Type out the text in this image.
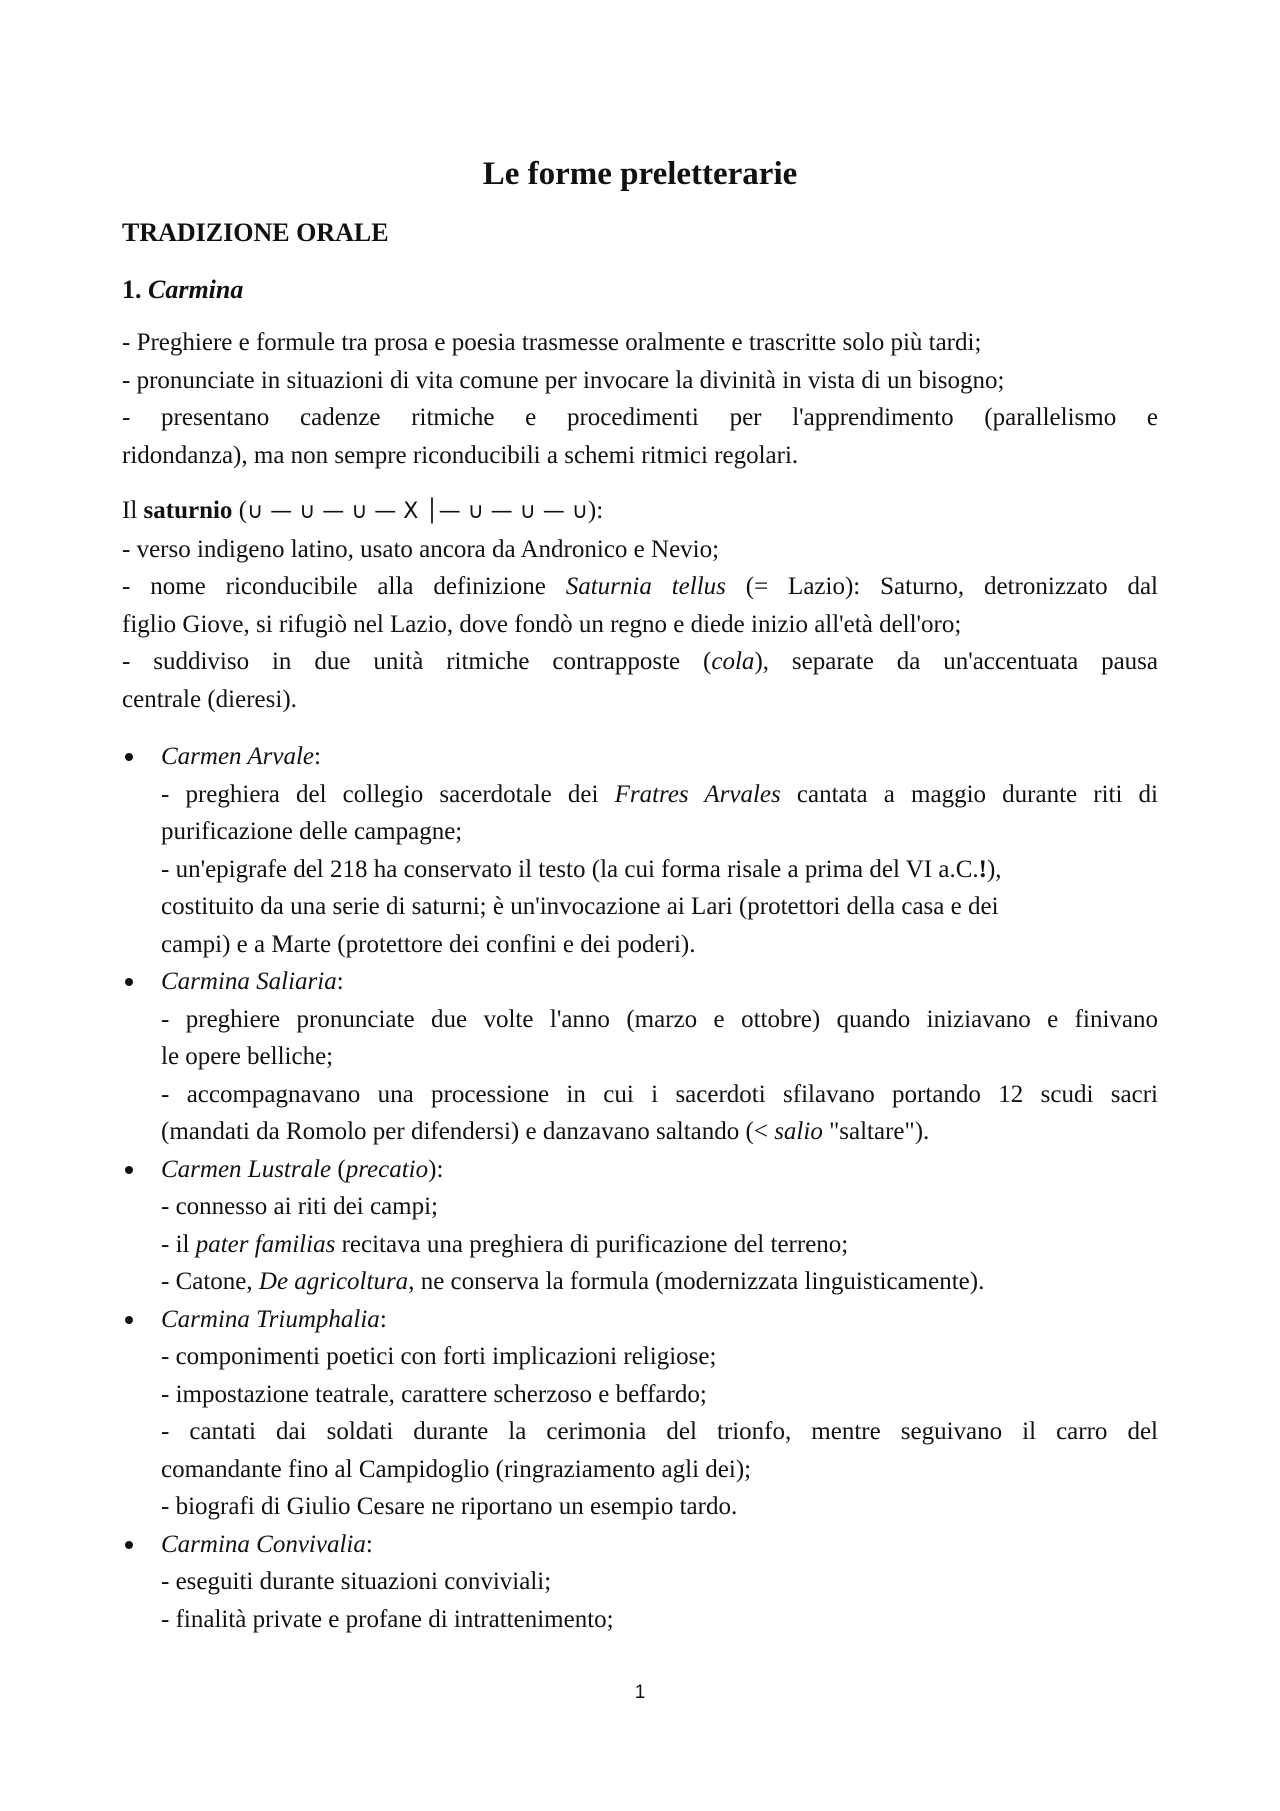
Le forme preletterarie
TRADIZIONE ORALE
1. Carmina

- Preghiere e formule tra prosa e poesia trasmesse oralmente e trascritte solo più tardi;

- pronunciate in situazioni di vita comune per invocare la divinità in vista di un bisogno;

- presentano cadenze ritmiche e procedimenti per l'apprendimento (parallelismo e

ridondanza), ma non sempre riconducibili a schemi ritmici regolari.

Il saturnio (∪ — ∪ — ∪ — X │— ∪ — ∪ — ∪):

- verso indigeno latino, usato ancora da Andronico e Nevio;

- nome riconducibile alla definizione Saturnia tellus (= Lazio): Saturno, detronizzato dal

figlio Giove, si rifugiò nel Lazio, dove fondò un regno e diede inizio all'età dell'oro;

- suddiviso in due unità ritmiche contrapposte (cola), separate da un'accentuata pausa

centrale (dieresi).

Carmen Arvale:

- preghiera del collegio sacerdotale dei Fratres Arvales cantata a maggio durante riti di

purificazione delle campagne;

- un'epigrafe del 218 ha conservato il testo (la cui forma risale a prima del VI a.C.!),

costituito da una serie di saturni; è un'invocazione ai Lari (protettori della casa e dei

campi) e a Marte (protettore dei confini e dei poderi).

Carmina Saliaria:

- preghiere pronunciate due volte l'anno (marzo e ottobre) quando iniziavano e finivano

le opere belliche;

- accompagnavano una processione in cui i sacerdoti sfilavano portando 12 scudi sacri

(mandati da Romolo per difendersi) e danzavano saltando (< salio "saltare").

Carmen Lustrale (precatio):

- connesso ai riti dei campi;

- il pater familias recitava una preghiera di purificazione del terreno;

- Catone, De agricoltura, ne conserva la formula (modernizzata linguisticamente).

Carmina Triumphalia:

- componimenti poetici con forti implicazioni religiose;

- impostazione teatrale, carattere scherzoso e beffardo;

- cantati dai soldati durante la cerimonia del trionfo, mentre seguivano il carro del

comandante fino al Campidoglio (ringraziamento agli dei);

- biografi di Giulio Cesare ne riportano un esempio tardo.

Carmina Convivalia:

- eseguiti durante situazioni conviviali;

- finalità private e profane di intrattenimento;

1
